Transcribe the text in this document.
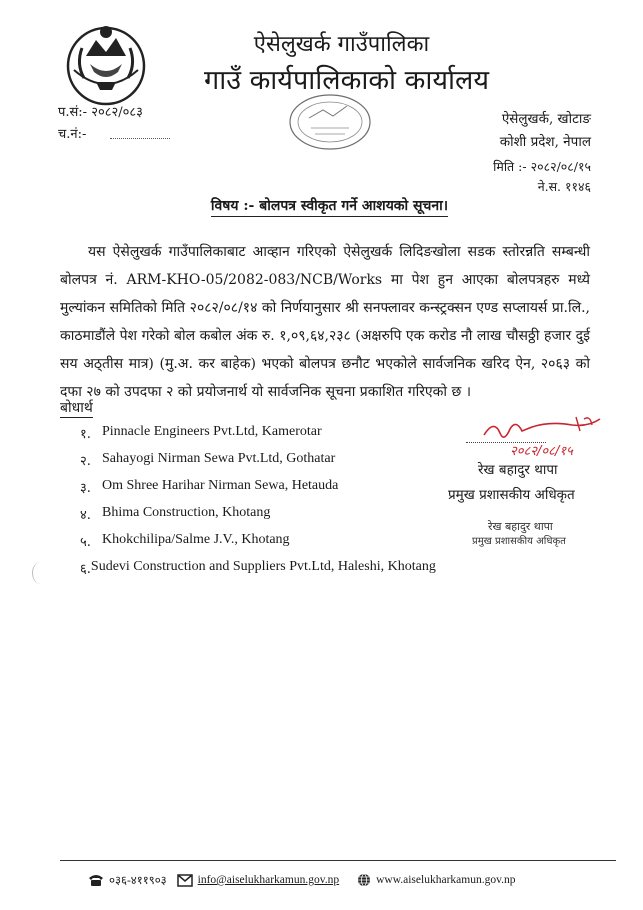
ऐसेलुखर्क गाउँपालिका
गाउँ कार्यपालिकाको कार्यालय
प.सं:- २०८२/०८३
च.नं:-
ऐसेलुखर्क, खोटाङ
कोशी प्रदेश, नेपाल
मिति :- २०८२/०८/१५
ने.स. ११४६
विषय :- बोलपत्र स्वीकृत गर्ने आशयको सूचना।
यस ऐसेलुखर्क गाउँपालिकाबाट आव्हान गरिएको ऐसेलुखर्क लिदिङखोला सडक स्तोरन्नति सम्बन्धी बोलपत्र नं. ARM-KHO-05/2082-083/NCB/Works मा पेश हुन आएका बोलपत्रहरु मध्ये मुल्यांकन समितिको मिति २०८२/०८/१४ को निर्णयानुसार श्री सनफ्लावर कन्स्ट्रक्सन एण्ड सप्लायर्स प्रा.लि., काठमाडौंले पेश गरेको बोल कबोल अंक रु. १,०९,६४,२३८ (अक्षरुपि एक करोड नौ लाख चौसठ्ठी हजार दुई सय अठ्तीस मात्र) (मु.अ. कर बाहेक) भएको बोलपत्र छनौट भएकोले सार्वजनिक खरिद ऐन, २०६३ को दफा २७ को उपदफा २ को प्रयोजनार्थ यो सार्वजनिक सूचना प्रकाशित गरिएको छ ।
बोधार्थ
१. Pinnacle Engineers Pvt.Ltd, Kamerotar
२. Sahayogi Nirman Sewa Pvt.Ltd, Gothatar
३. Om Shree Harihar Nirman Sewa, Hetauda
४. Bhima Construction, Khotang
५. Khokchilipa/Salme J.V., Khotang
६. Sudevi Construction and Suppliers Pvt.Ltd, Haleshi, Khotang
२०८२/०८/१५
रेख बहादुर थापा
प्रमुख प्रशासकीय अधिकृत
रेख बहादुर थापा
प्रमुख प्रशासकीय अधिकृत
०३६-४११९०३	info@aiselukharkamun.gov.np	www.aiselukharkamun.gov.np
